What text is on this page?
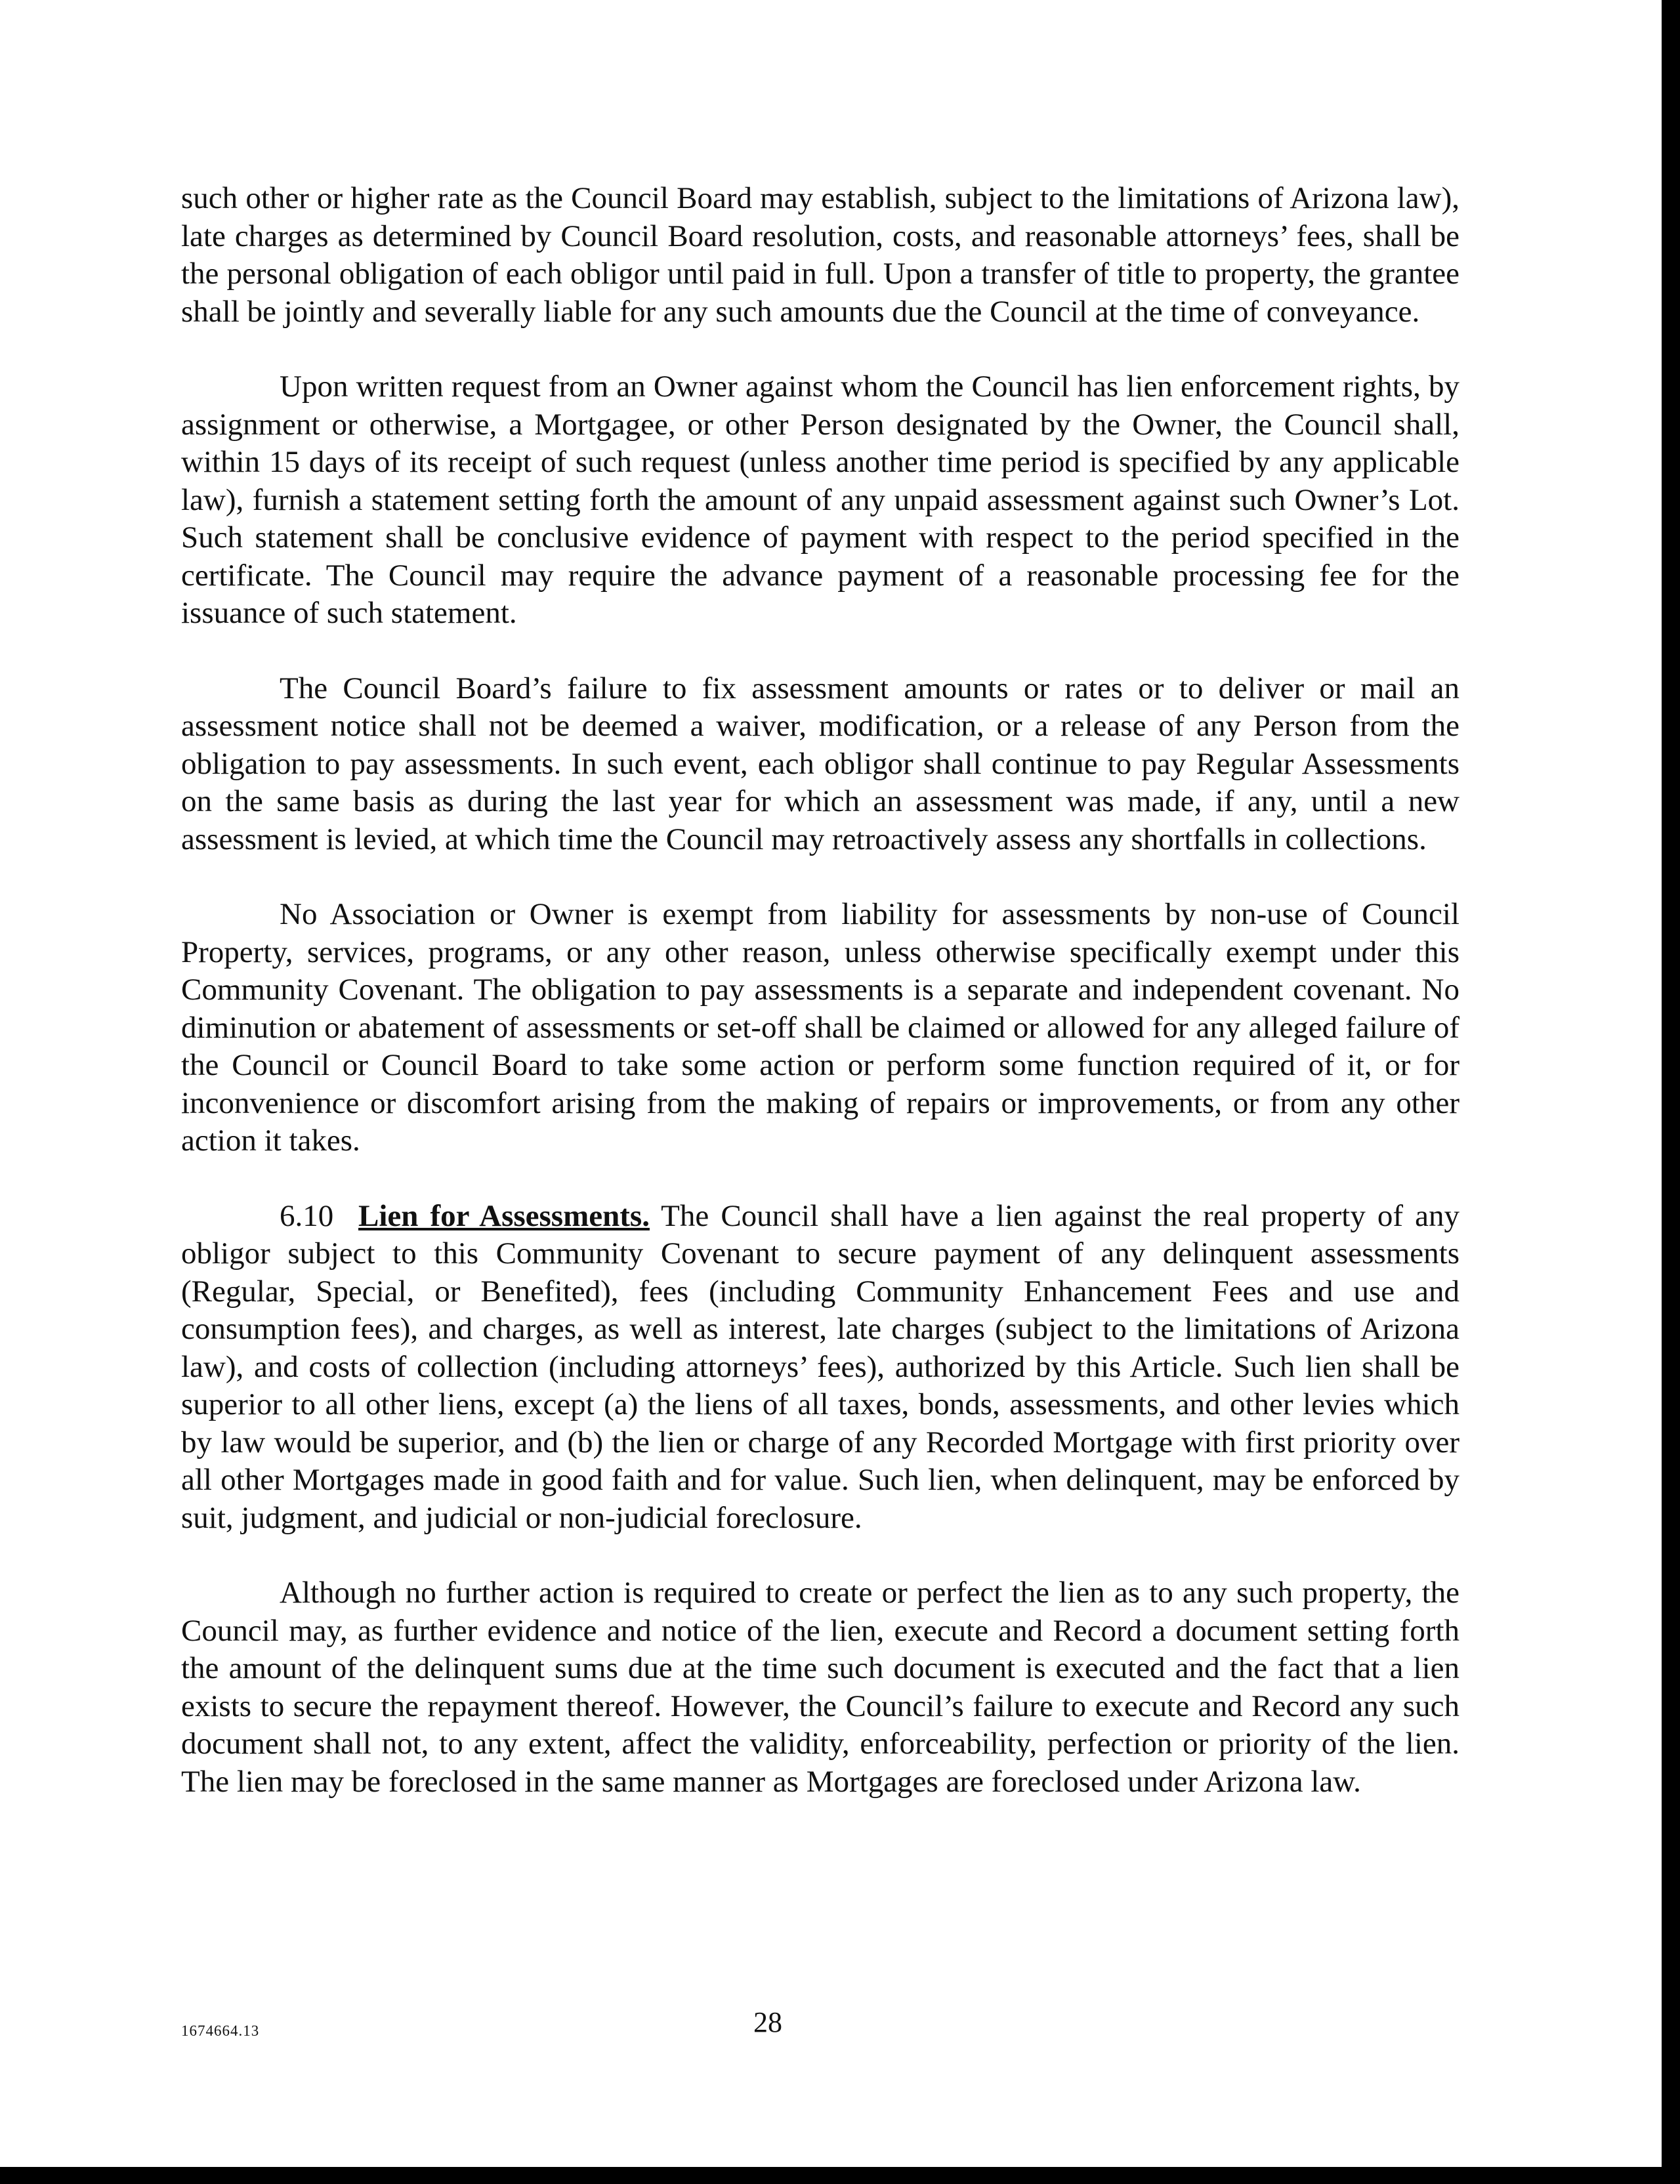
such other or higher rate as the Council Board may establish, subject to the limitations of Arizona law), late charges as determined by Council Board resolution, costs, and reasonable attorneys’ fees, shall be the personal obligation of each obligor until paid in full. Upon a transfer of title to property, the grantee shall be jointly and severally liable for any such amounts due the Council at the time of conveyance.

Upon written request from an Owner against whom the Council has lien enforcement rights, by assignment or otherwise, a Mortgagee, or other Person designated by the Owner, the Council shall, within 15 days of its receipt of such request (unless another time period is specified by any applicable law), furnish a statement setting forth the amount of any unpaid assessment against such Owner’s Lot. Such statement shall be conclusive evidence of payment with respect to the period specified in the certificate. The Council may require the advance payment of a reasonable processing fee for the issuance of such statement.

The Council Board’s failure to fix assessment amounts or rates or to deliver or mail an assessment notice shall not be deemed a waiver, modification, or a release of any Person from the obligation to pay assessments. In such event, each obligor shall continue to pay Regular Assessments on the same basis as during the last year for which an assessment was made, if any, until a new assessment is levied, at which time the Council may retroactively assess any shortfalls in collections.

No Association or Owner is exempt from liability for assessments by non-use of Council Property, services, programs, or any other reason, unless otherwise specifically exempt under this Community Covenant. The obligation to pay assessments is a separate and independent covenant. No diminution or abatement of assessments or set-off shall be claimed or allowed for any alleged failure of the Council or Council Board to take some action or perform some function required of it, or for inconvenience or discomfort arising from the making of repairs or improvements, or from any other action it takes.

6.10 Lien for Assessments. The Council shall have a lien against the real property of any obligor subject to this Community Covenant to secure payment of any delinquent assessments (Regular, Special, or Benefited), fees (including Community Enhancement Fees and use and consumption fees), and charges, as well as interest, late charges (subject to the limitations of Arizona law), and costs of collection (including attorneys’ fees), authorized by this Article. Such lien shall be superior to all other liens, except (a) the liens of all taxes, bonds, assessments, and other levies which by law would be superior, and (b) the lien or charge of any Recorded Mortgage with first priority over all other Mortgages made in good faith and for value. Such lien, when delinquent, may be enforced by suit, judgment, and judicial or non-judicial foreclosure.

Although no further action is required to create or perfect the lien as to any such property, the Council may, as further evidence and notice of the lien, execute and Record a document setting forth the amount of the delinquent sums due at the time such document is executed and the fact that a lien exists to secure the repayment thereof. However, the Council’s failure to execute and Record any such document shall not, to any extent, affect the validity, enforceability, perfection or priority of the lien. The lien may be foreclosed in the same manner as Mortgages are foreclosed under Arizona law.

1674664.13	28
